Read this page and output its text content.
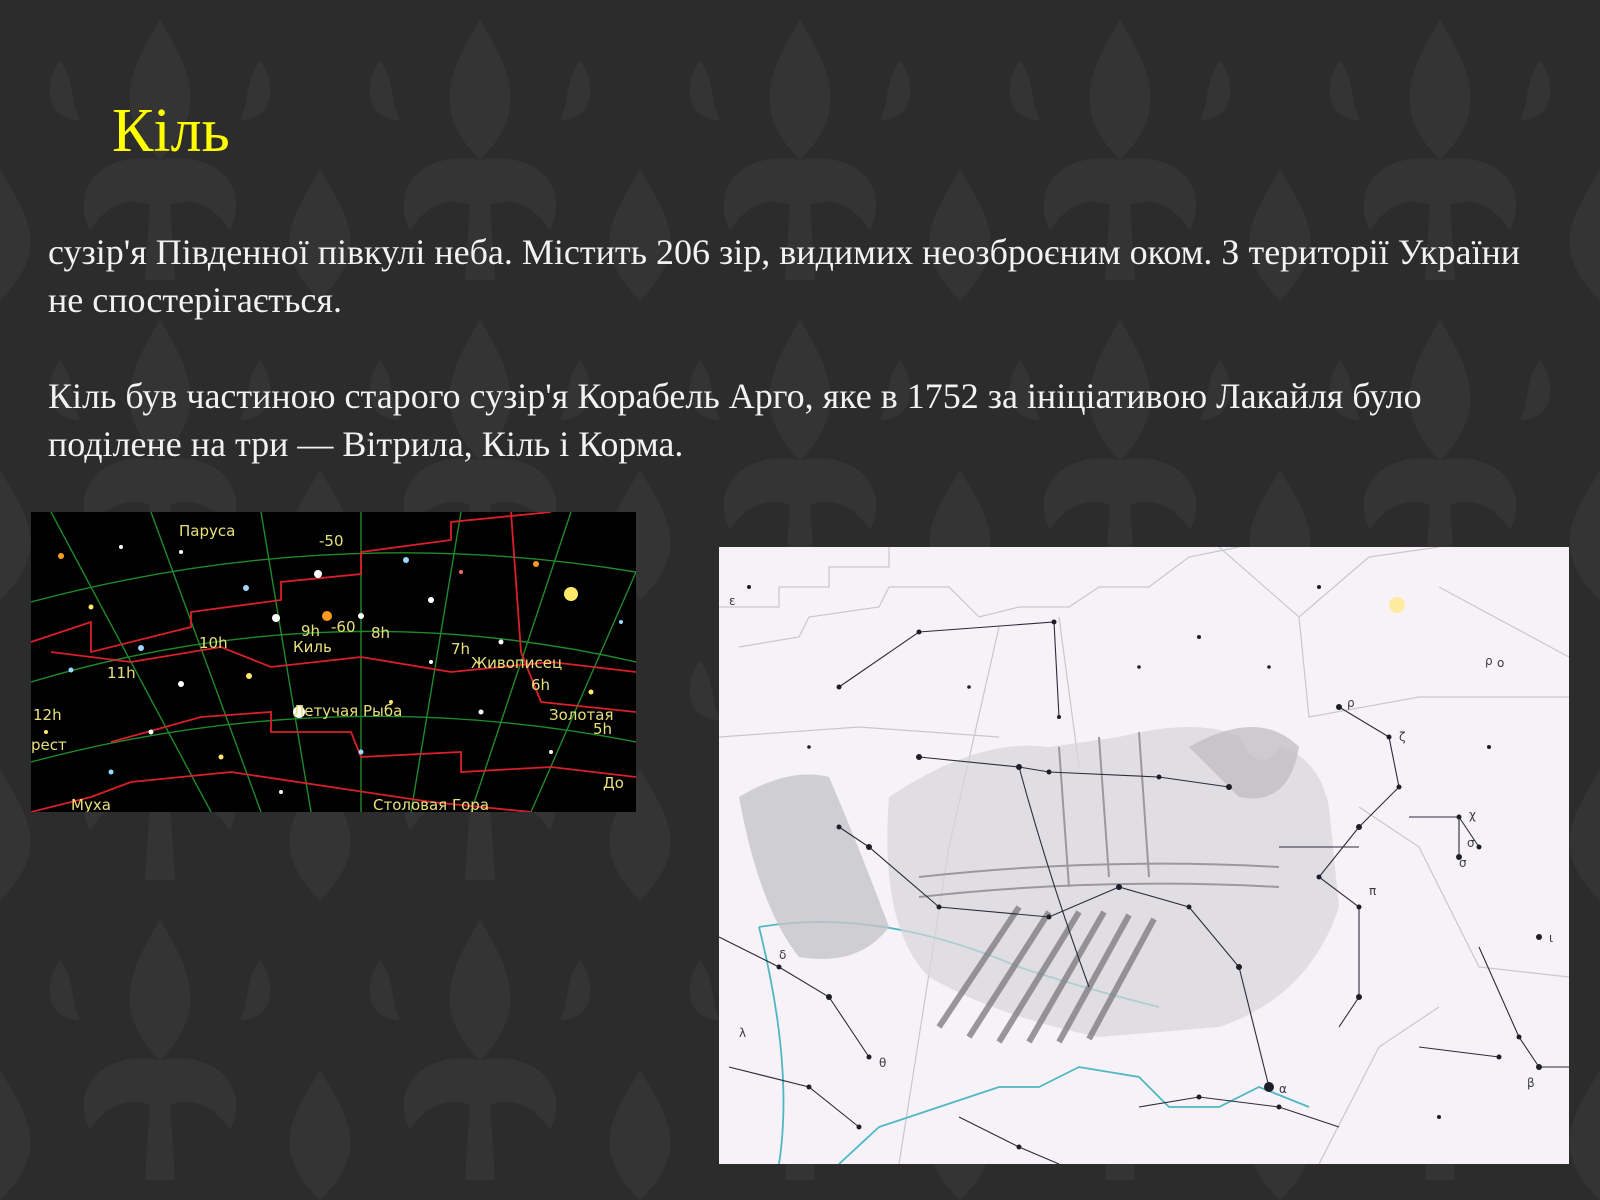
Кіль

сузір'я Південної півкулі неба. Містить 206 зір, видимих неозброєним оком. З території України не спостерігається.

Кіль був частиною старого сузір'я Корабель Арго, яке в 1752 за ініціативою Лакайля було поділене на три — Вітрила, Кіль і Корма.

Паруса
-50
9h -60 8h
10h	Киль	7h
Живописец
11h
6h
Летучая Рыба	Золотая
5h
12h
рест
До
Муха	Столовая Гора
ρ ο
ζ
ρ
π
σ
χ
θ
β
α
ε
ι
δ
λ
σ
